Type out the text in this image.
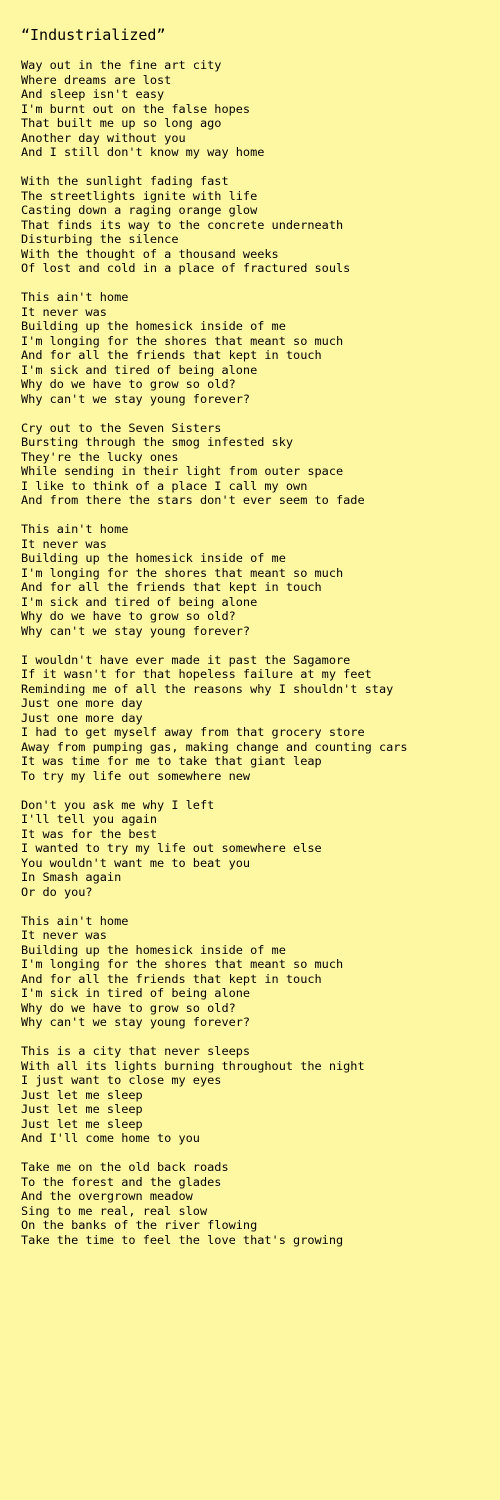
“Industrialized”
Way out in the fine art city
Where dreams are lost
And sleep isn't easy
I'm burnt out on the false hopes
That built me up so long ago
Another day without you
And I still don't know my way home
With the sunlight fading fast
The streetlights ignite with life
Casting down a raging orange glow
That finds its way to the concrete underneath
Disturbing the silence
With the thought of a thousand weeks
Of lost and cold in a place of fractured souls
This ain't home
It never was
Building up the homesick inside of me
I'm longing for the shores that meant so much
And for all the friends that kept in touch
I'm sick and tired of being alone
Why do we have to grow so old?
Why can't we stay young forever?
Cry out to the Seven Sisters
Bursting through the smog infested sky
They're the lucky ones
While sending in their light from outer space
I like to think of a place I call my own
And from there the stars don't ever seem to fade
This ain't home
It never was
Building up the homesick inside of me
I'm longing for the shores that meant so much
And for all the friends that kept in touch
I'm sick and tired of being alone
Why do we have to grow so old?
Why can't we stay young forever?
I wouldn't have ever made it past the Sagamore
If it wasn't for that hopeless failure at my feet
Reminding me of all the reasons why I shouldn't stay
Just one more day
Just one more day
I had to get myself away from that grocery store
Away from pumping gas, making change and counting cars
It was time for me to take that giant leap
To try my life out somewhere new
Don't you ask me why I left
I'll tell you again
It was for the best
I wanted to try my life out somewhere else
You wouldn't want me to beat you
In Smash again
Or do you?
This ain't home
It never was
Building up the homesick inside of me
I'm longing for the shores that meant so much
And for all the friends that kept in touch
I'm sick in tired of being alone
Why do we have to grow so old?
Why can't we stay young forever?
This is a city that never sleeps
With all its lights burning throughout the night
I just want to close my eyes
Just let me sleep
Just let me sleep
Just let me sleep
And I'll come home to you
Take me on the old back roads
To the forest and the glades
And the overgrown meadow
Sing to me real, real slow
On the banks of the river flowing
Take the time to feel the love that's growing
